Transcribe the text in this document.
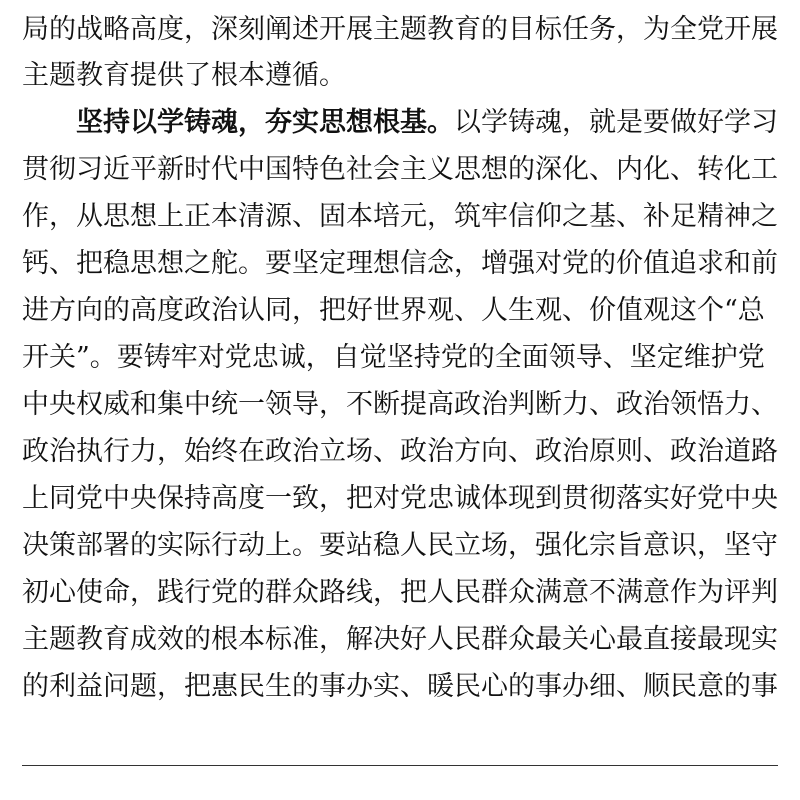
局的战略高度，深刻阐述开展主题教育的目标任务，为全党开展
主题教育提供了根本遵循。
坚持以学铸魂，夯实思想根基。以学铸魂，就是要做好学习
贯彻习近平新时代中国特色社会主义思想的深化、内化、转化工
作，从思想上正本清源、固本培元，筑牢信仰之基、补足精神之
钙、把稳思想之舵。要坚定理想信念，增强对党的价值追求和前
进方向的高度政治认同，把好世界观、人生观、价值观这个“总
开关”。要铸牢对党忠诚，自觉坚持党的全面领导、坚定维护党
中央权威和集中统一领导，不断提高政治判断力、政治领悟力、
政治执行力，始终在政治立场、政治方向、政治原则、政治道路
上同党中央保持高度一致，把对党忠诚体现到贯彻落实好党中央
决策部署的实际行动上。要站稳人民立场，强化宗旨意识，坚守
初心使命，践行党的群众路线，把人民群众满意不满意作为评判
主题教育成效的根本标准，解决好人民群众最关心最直接最现实
的利益问题，把惠民生的事办实、暖民心的事办细、顺民意的事
